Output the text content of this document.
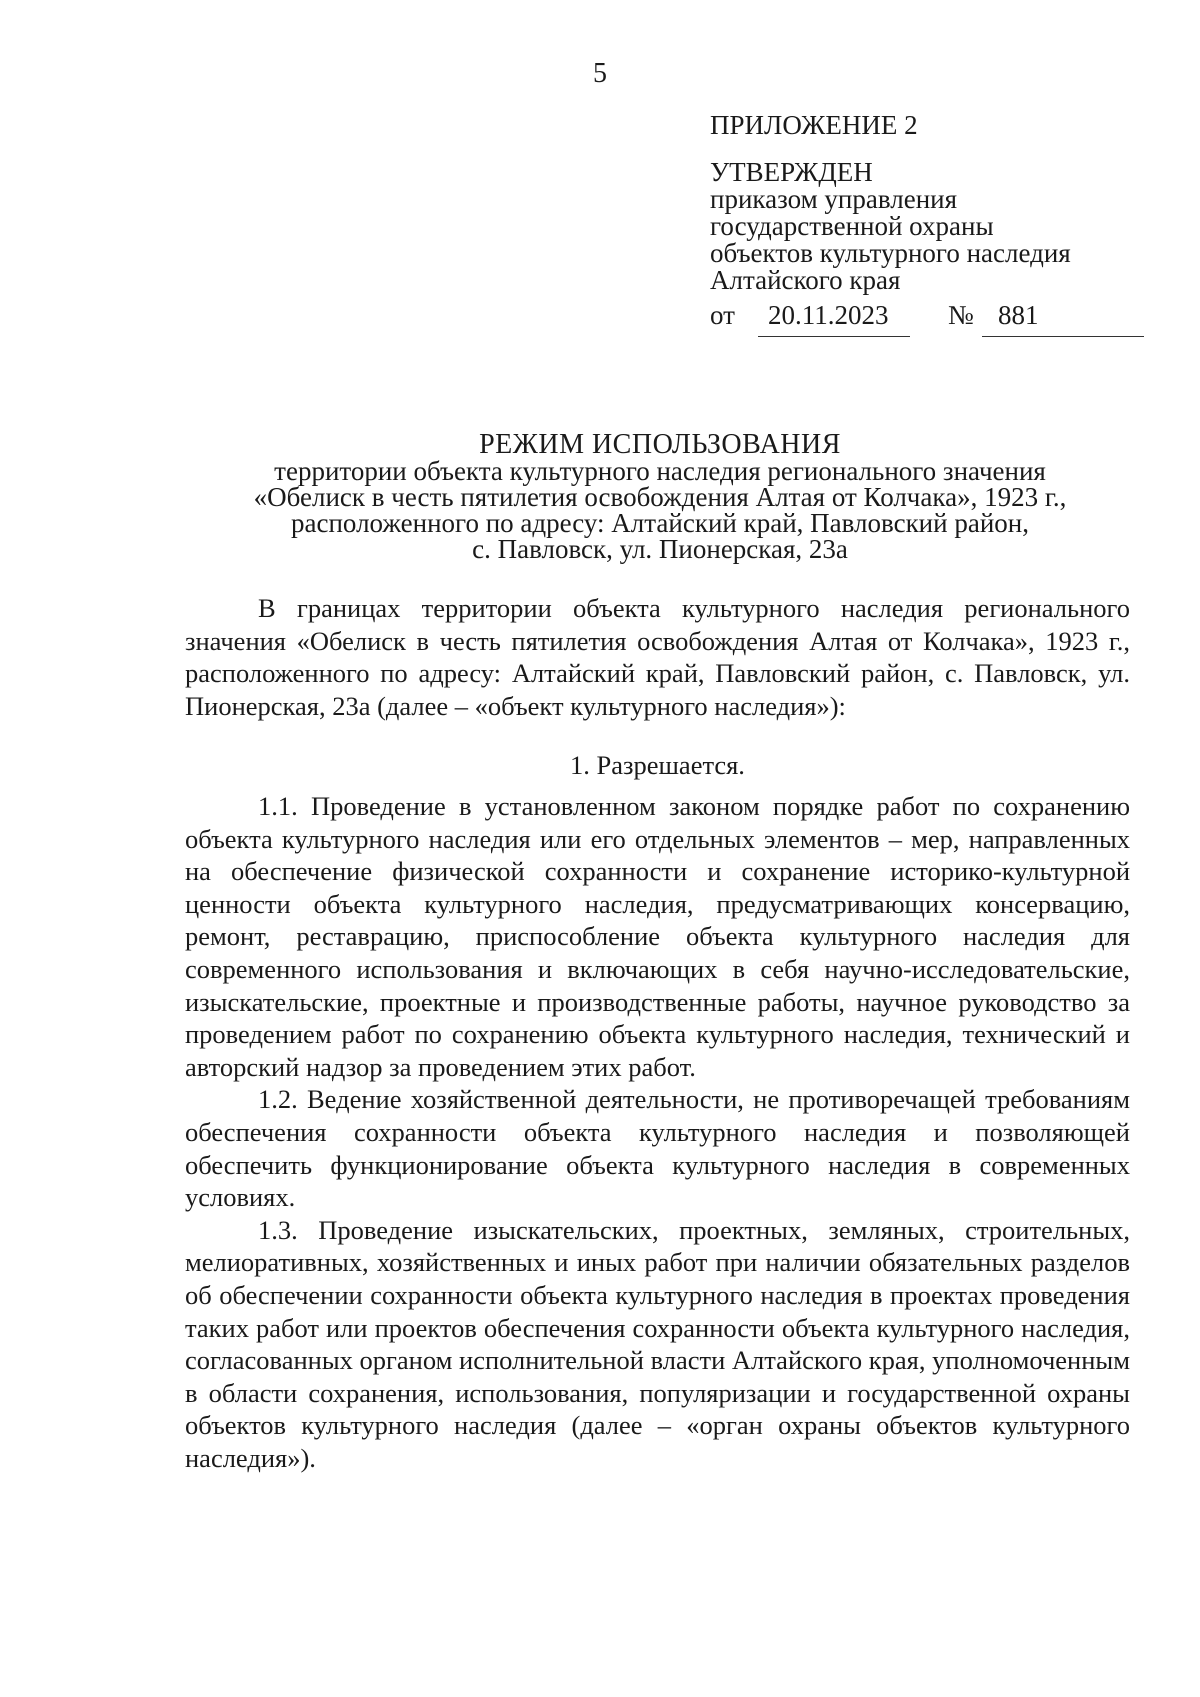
5
ПРИЛОЖЕНИЕ 2
УТВЕРЖДЕН
приказом управления
государственной охраны
объектов культурного наследия
Алтайского края
от 20.11.2023 № 881
РЕЖИМ ИСПОЛЬЗОВАНИЯ
территории объекта культурного наследия регионального значения
«Обелиск в честь пятилетия освобождения Алтая от Колчака», 1923 г.,
расположенного по адресу: Алтайский край, Павловский район,
с. Павловск, ул. Пионерская, 23а

В границах территории объекта культурного наследия регионального значения «Обелиск в честь пятилетия освобождения Алтая от Колчака», 1923 г., расположенного по адресу: Алтайский край, Павловский район, с. Павловск, ул. Пионерская, 23а (далее – «объект культурного наследия»):

1. Разрешается.

1.1. Проведение в установленном законом порядке работ по сохранению объекта культурного наследия или его отдельных элементов – мер, направленных на обеспечение физической сохранности и сохранение историко-культурной ценности объекта культурного наследия, предусматривающих консервацию, ремонт, реставрацию, приспособление объекта культурного наследия для современного использования и включающих в себя научно-исследовательские, изыскательские, проектные и производственные работы, научное руководство за проведением работ по сохранению объекта культурного наследия, технический и авторский надзор за проведением этих работ.

1.2. Ведение хозяйственной деятельности, не противоречащей требованиям обеспечения сохранности объекта культурного наследия и позволяющей обеспечить функционирование объекта культурного наследия в современных условиях.

1.3. Проведение изыскательских, проектных, земляных, строительных, мелиоративных, хозяйственных и иных работ при наличии обязательных разделов об обеспечении сохранности объекта культурного наследия в проектах проведения таких работ или проектов обеспечения сохранности объекта культурного наследия, согласованных органом исполнительной власти Алтайского края, уполномоченным в области сохранения, использования, популяризации и государственной охраны объектов культурного наследия (далее – «орган охраны объектов культурного наследия»).
